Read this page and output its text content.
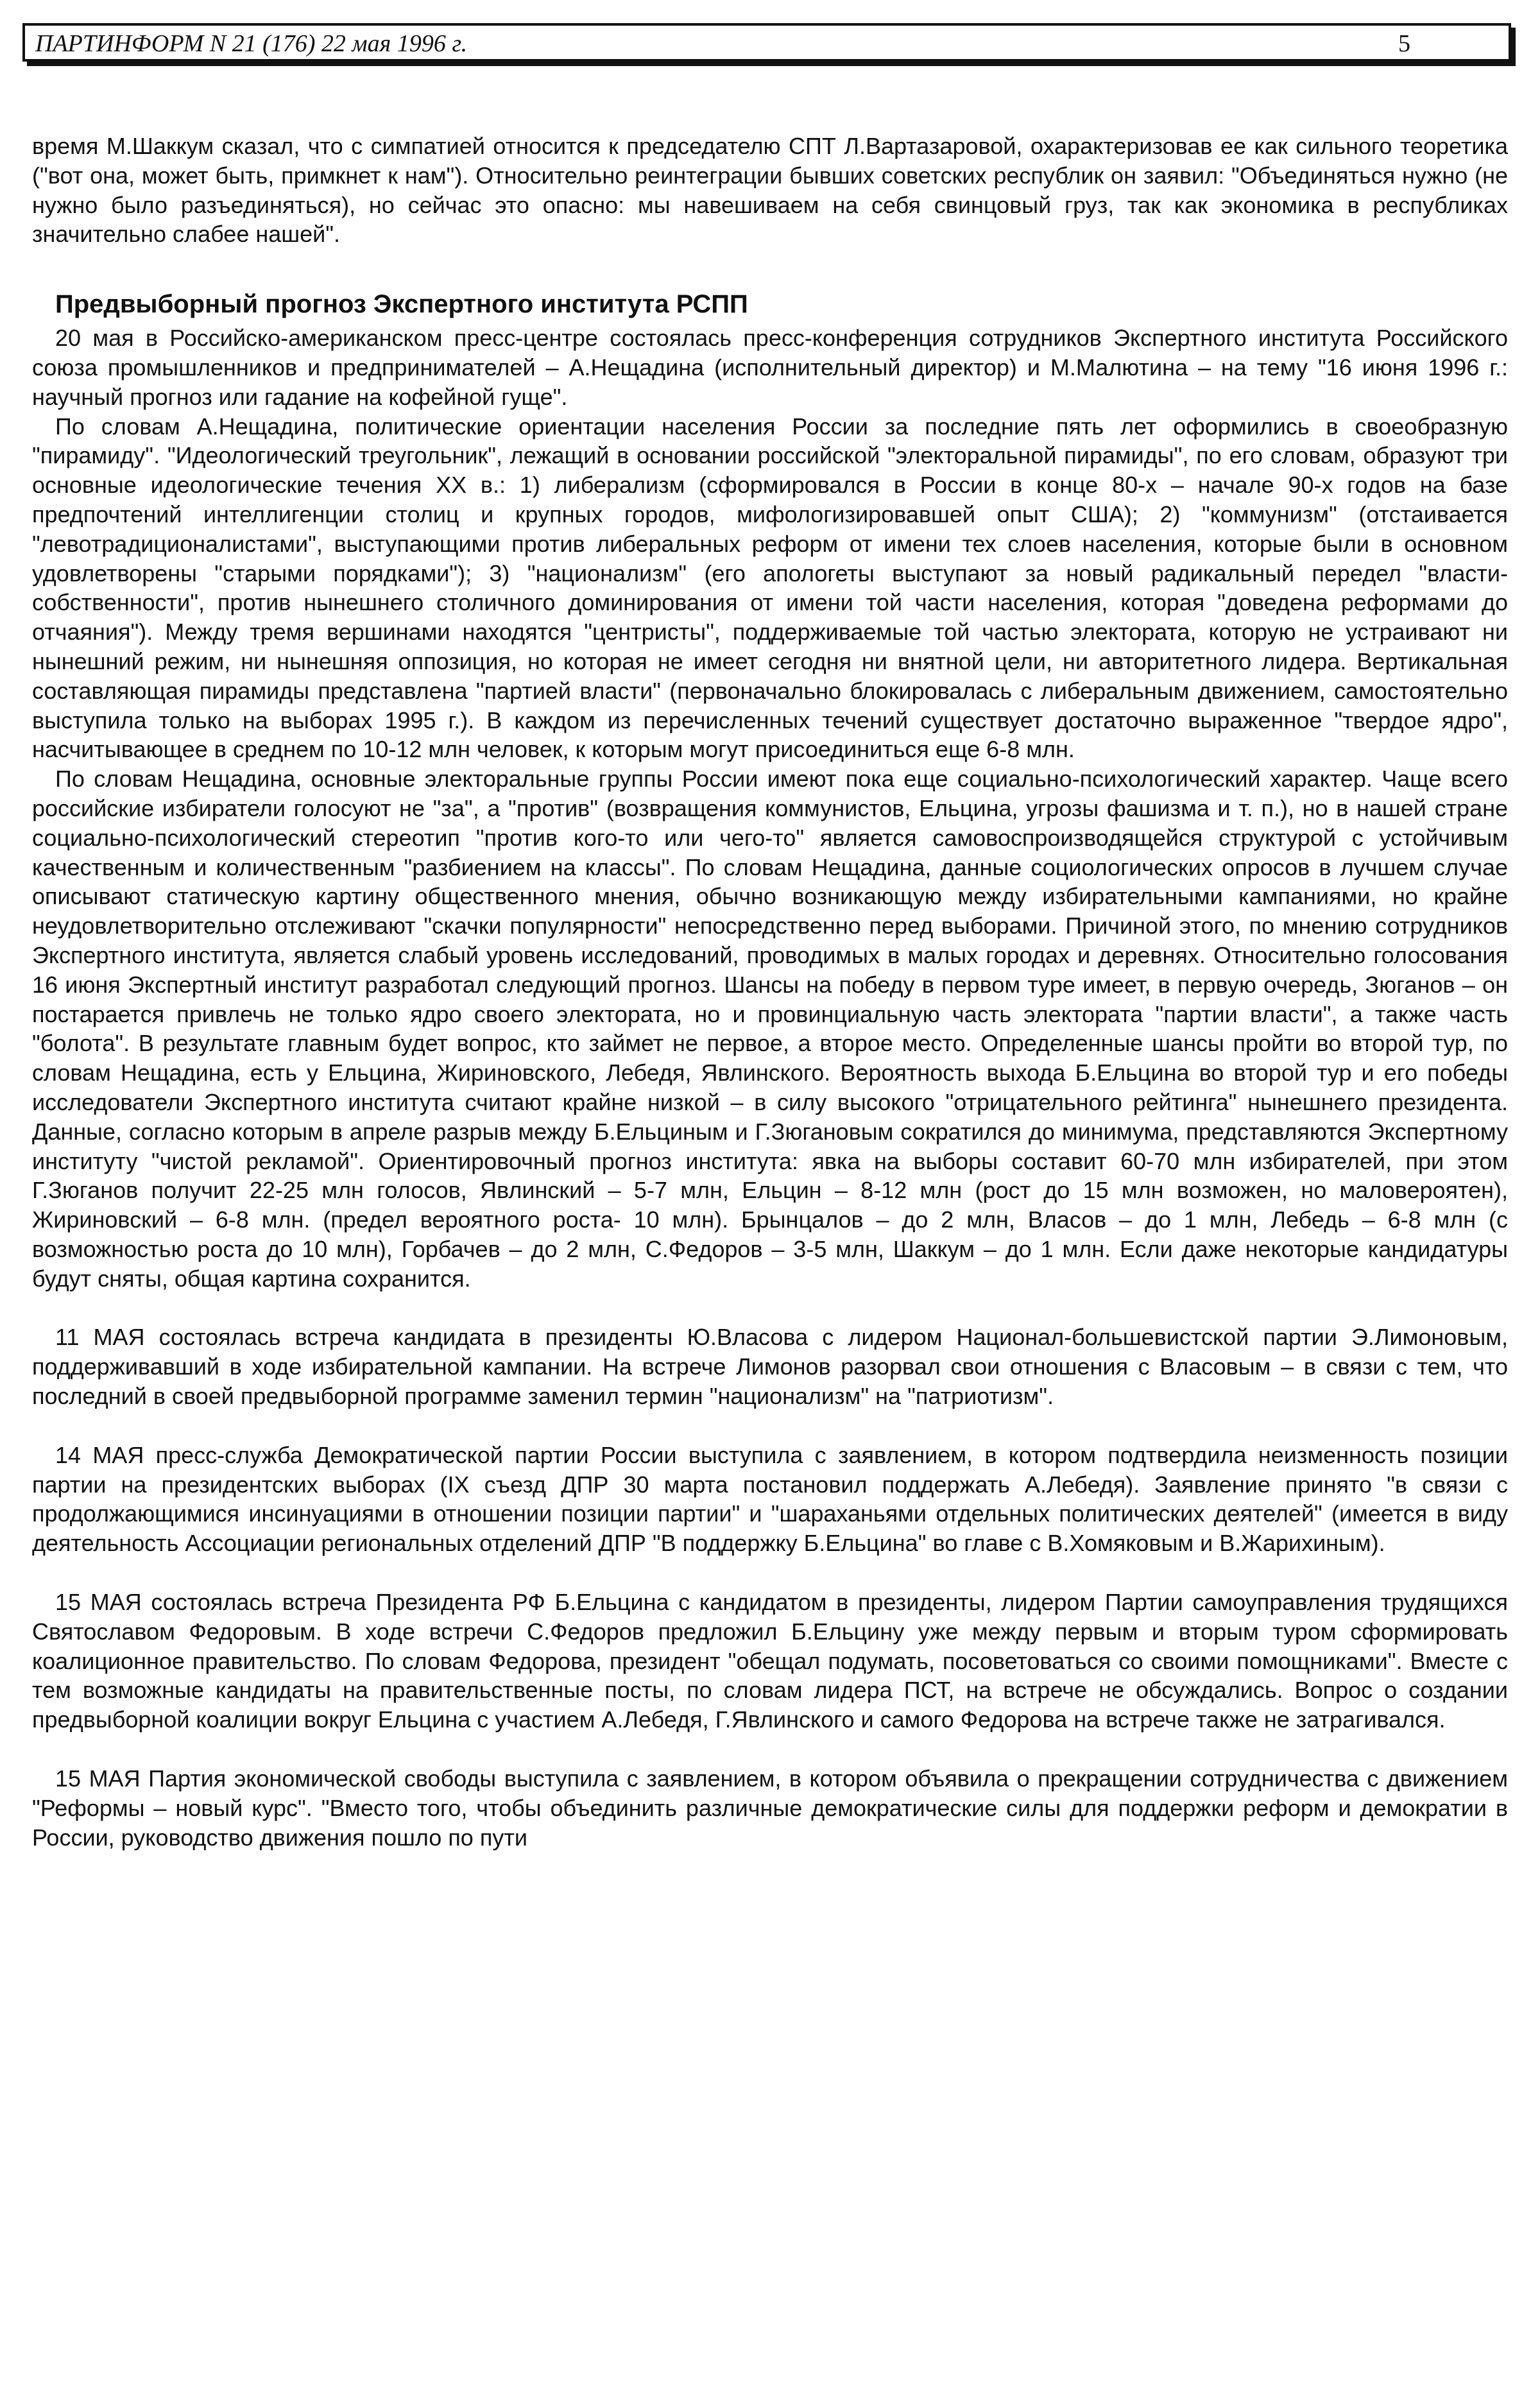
ПАРТИНФОРМ N 21 (176) 22 мая 1996 г.	5

время М.Шаккум сказал, что с симпатией относится к председателю СПТ Л.Вартазаровой, охарактеризовав ее как сильного теоретика ("вот она, может быть, примкнет к нам"). Относительно реинтеграции бывших советских республик он заявил: "Объединяться нужно (не нужно было разъединяться), но сейчас это опасно: мы навешиваем на себя свинцовый груз, так как экономика в республиках значительно слабее нашей".

Предвыборный прогноз Экспертного института РСПП

20 мая в Российско-американском пресс-центре состоялась пресс-конференция сотрудников Экспертного института Российского союза промышленников и предпринимателей – А.Нещадина (исполнительный директор) и М.Малютина – на тему "16 июня 1996 г.: научный прогноз или гадание на кофейной гуще".

По словам А.Нещадина, политические ориентации населения России за последние пять лет оформились в своеобразную "пирамиду". "Идеологический треугольник", лежащий в основании российской "электоральной пирамиды", по его словам, образуют три основные идеологические течения XX в.: 1) либерализм (сформировался в России в конце 80-х – начале 90-х годов на базе предпочтений интеллигенции столиц и крупных городов, мифологизировавшей опыт США); 2) "коммунизм" (отстаивается "левотрадиционалистами", выступающими против либеральных реформ от имени тех слоев населения, которые были в основном удовлетворены "старыми порядками"); 3) "национализм" (его апологеты выступают за новый радикальный передел "власти-собственности", против нынешнего столичного доминирования от имени той части населения, которая "доведена реформами до отчаяния"). Между тремя вершинами находятся "центристы", поддерживаемые той частью электората, которую не устраивают ни нынешний режим, ни нынешняя оппозиция, но которая не имеет сегодня ни внятной цели, ни авторитетного лидера. Вертикальная составляющая пирамиды представлена "партией власти" (первоначально блокировалась с либеральным движением, самостоятельно выступила только на выборах 1995 г.). В каждом из перечисленных течений существует достаточно выраженное "твердое ядро", насчитывающее в среднем по 10-12 млн человек, к которым могут присоединиться еще 6-8 млн.

По словам Нещадина, основные электоральные группы России имеют пока еще социально-психологический характер. Чаще всего российские избиратели голосуют не "за", а "против" (возвращения коммунистов, Ельцина, угрозы фашизма и т. п.), но в нашей стране социально-психологический стереотип "против кого-то или чего-то" является самовоспроизводящейся структурой с устойчивым качественным и количественным "разбиением на классы". По словам Нещадина, данные социологических опросов в лучшем случае описывают статическую картину общественного мнения, обычно возникающую между избирательными кампаниями, но крайне неудовлетворительно отслеживают "скачки популярности" непосредственно перед выборами. Причиной этого, по мнению сотрудников Экспертного института, является слабый уровень исследований, проводимых в малых городах и деревнях. Относительно голосования 16 июня Экспертный институт разработал следующий прогноз. Шансы на победу в первом туре имеет, в первую очередь, Зюганов – он постарается привлечь не только ядро своего электората, но и провинциальную часть электората "партии власти", а также часть "болота". В результате главным будет вопрос, кто займет не первое, а второе место. Определенные шансы пройти во второй тур, по словам Нещадина, есть у Ельцина, Жириновского, Лебедя, Явлинского. Вероятность выхода Б.Ельцина во второй тур и его победы исследователи Экспертного института считают крайне низкой – в силу высокого "отрицательного рейтинга" нынешнего президента. Данные, согласно которым в апреле разрыв между Б.Ельциным и Г.Зюгановым сократился до минимума, представляются Экспертному институту "чистой рекламой". Ориентировочный прогноз института: явка на выборы составит 60-70 млн избирателей, при этом Г.Зюганов получит 22-25 млн голосов, Явлинский – 5-7 млн, Ельцин – 8-12 млн (рост до 15 млн возможен, но маловероятен), Жириновский – 6-8 млн. (предел вероятного роста- 10 млн). Брынцалов – до 2 млн, Власов – до 1 млн, Лебедь – 6-8 млн (с возможностью роста до 10 млн), Горбачев – до 2 млн, С.Федоров – 3-5 млн, Шаккум – до 1 млн. Если даже некоторые кандидатуры будут сняты, общая картина сохранится.

11 МАЯ состоялась встреча кандидата в президенты Ю.Власова с лидером Национал-большевистской партии Э.Лимоновым, поддерживавший в ходе избирательной кампании. На встрече Лимонов разорвал свои отношения с Власовым – в связи с тем, что последний в своей предвыборной программе заменил термин "национализм" на "патриотизм".

14 МАЯ пресс-служба Демократической партии России выступила с заявлением, в котором подтвердила неизменность позиции партии на президентских выборах (IX съезд ДПР 30 марта постановил поддержать А.Лебедя). Заявление принято "в связи с продолжающимися инсинуациями в отношении позиции партии" и "шараханьями отдельных политических деятелей" (имеется в виду деятельность Ассоциации региональных отделений ДПР "В поддержку Б.Ельцина" во главе с В.Хомяковым и В.Жарихиным).

15 МАЯ состоялась встреча Президента РФ Б.Ельцина с кандидатом в президенты, лидером Партии самоуправления трудящихся Святославом Федоровым. В ходе встречи С.Федоров предложил Б.Ельцину уже между первым и вторым туром сформировать коалиционное правительство. По словам Федорова, президент "обещал подумать, посоветоваться со своими помощниками". Вместе с тем возможные кандидаты на правительственные посты, по словам лидера ПСТ, на встрече не обсуждались. Вопрос о создании предвыборной коалиции вокруг Ельцина с участием А.Лебедя, Г.Явлинского и самого Федорова на встрече также не затрагивался.

15 МАЯ Партия экономической свободы выступила с заявлением, в котором объявила о прекращении сотрудничества с движением "Реформы – новый курс". "Вместо того, чтобы объединить различные демократические силы для поддержки реформ и демократии в России, руководство движения пошло по пути
